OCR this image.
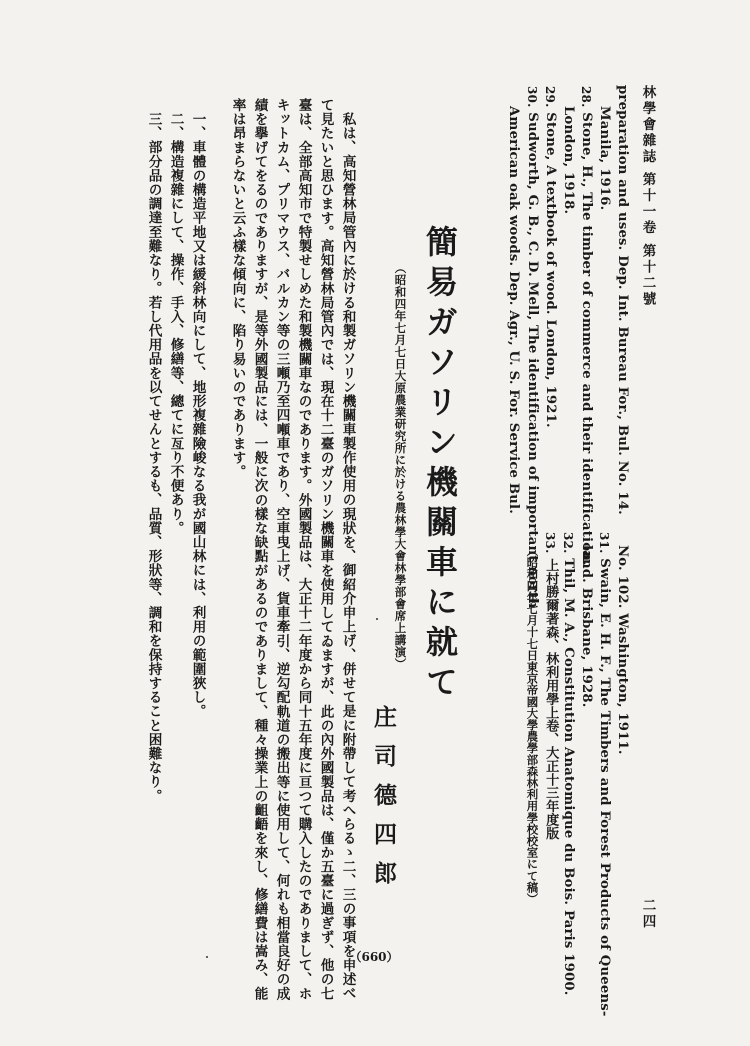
林學會雜誌 第十一卷 第十二號
二四
preparation and uses. Dep. Int. Bureau For., Bul. No. 14.
Manila, 1916.
28. Stone, H., The timber of commerce and their identification.
London, 1918.
29. Stone, A textbook of wood. London, 1921.
30. Sudworth, G. B., C. D. Mell, The identification of important north
American oak woods. Dep. Agr., U. S. For. Service Bul.
No. 102. Washington, 1911.
31. Swain, E. H. F., The Timbers and Forest Products of Queens-
land. Brisbane, 1928.
32. Thil, M. A., Constitution Anatomique du Bois. Paris 1900.
33. 上村勝爾著森、林利用學上卷、大正十三年度版
（昭和四年七月十七日東京帝國大學農學部森林利用學校校室にて稿）
簡易ガソリン機關車に就て
（昭和四年七月七日大原農業研究所に於ける農林學大會林學部會席上講演）
庄司德四郎
私は、高知營林局管內に於ける和製ガソリン機關車製作使用の現狀を、御紹介申上げ、併せて是に附帶して考へらるゝ二、三の事項を申述べ
て見たいと思ひます。高知營林局管內では、現在十二臺のガソリン機關車を使用してゐますが、此の內外國製品は、僅か五臺に過ぎず、他の七
臺は、全部高知市で特製せしめた和製機關車なのであります。外國製品は、大正十二年度から同十五年度に亘つて購入したのでありまして、ホ
キットカム、プリマウス、バルカン等の三噸乃至四噸車であり、空車曳上げ、貨車牽引、逆勾配軌道の搬出等に使用して、何れも相當良好の成
績を擧げてをるのでありますが、是等外國製品には、一般に次の樣な缺點があるのでありまして、種々操業上の齟齬を來し、修繕費は嵩み、能
率は昂まらないと云ふ樣な傾向に、陷り易いのであります。
一、車體の構造平地又は緩斜林向にして、地形複雜險峻なる我が國山林には、利用の範圍狹し。
二、構造複雜にして、操作、手入、修繕等、總てに亙り不便あり。
三、部分品の調達至難なり。若し代用品を以てせんとするも、品質、形狀等、調和を保持すること困難なり。
（660）
